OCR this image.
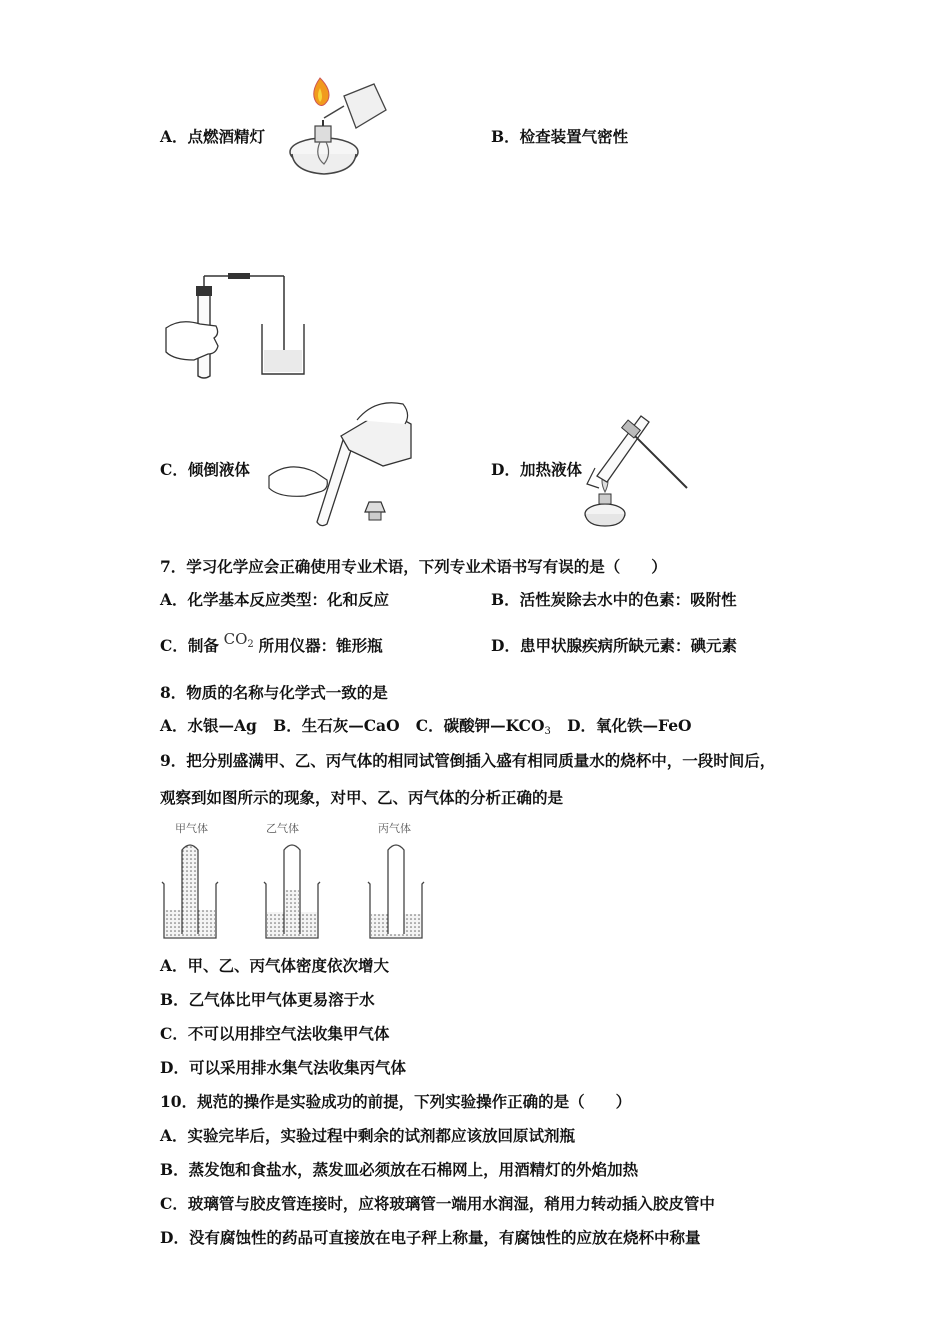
A．点燃酒精灯	B．检查装置气密性
C．倾倒液体	D．加热液体
7．学习化学应会正确使用专业术语，下列专业术语书写有误的是（　　）
A．化学基本反应类型：化和反应	B．活性炭除去水中的色素：吸附性
C．制备 $CO_2$ 所用仪器：锥形瓶	D．患甲状腺疾病所缺元素：碘元素
8．物质的名称与化学式一致的是
A．水银—Ag B．生石灰—CaO C．碳酸钾$—KCO_3$ D．氧化铁—FeO
9．把分别盛满甲、乙、丙气体的相同试管倒插入盛有相同质量水的烧杯中，一段时间后，
观察到如图所示的现象，对甲、乙、丙气体的分析正确的是
甲气体	乙气体	丙气体
A．甲、乙、丙气体密度依次增大
B．乙气体比甲气体更易溶于水
C．不可以用排空气法收集甲气体
D．可以采用排水集气法收集丙气体
10．规范的操作是实验成功的前提，下列实验操作正确的是（　　）
A．实验完毕后，实验过程中剩余的试剂都应该放回原试剂瓶
B．蒸发饱和食盐水，蒸发皿必须放在石棉网上，用酒精灯的外焰加热
C．玻璃管与胶皮管连接时，应将玻璃管一端用水润湿，稍用力转动插入胶皮管中
D．没有腐蚀性的药品可直接放在电子秤上称量，有腐蚀性的应放在烧杯中称量
